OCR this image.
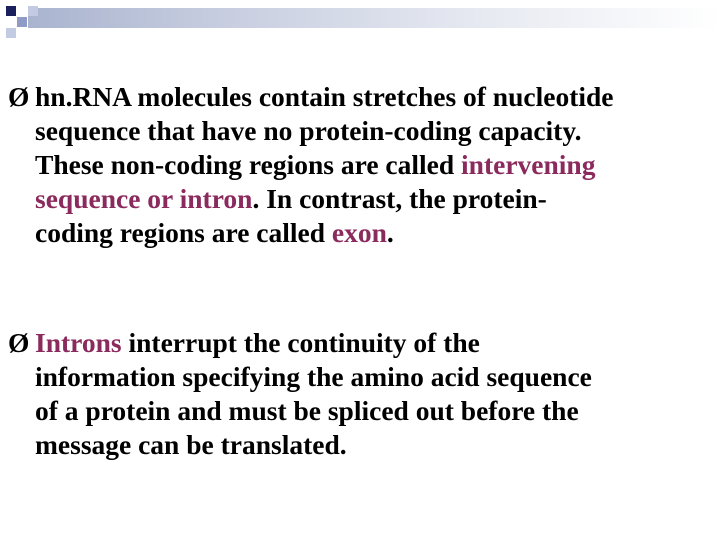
Ø hn.RNA molecules contain stretches of nucleotide
sequence that have no protein-coding capacity.
These non-coding regions are called intervening
sequence or intron. In contrast, the protein-
coding regions are called exon.
Ø Introns interrupt the continuity of the
information specifying the amino acid sequence
of a protein and must be spliced out before the
message can be translated.
